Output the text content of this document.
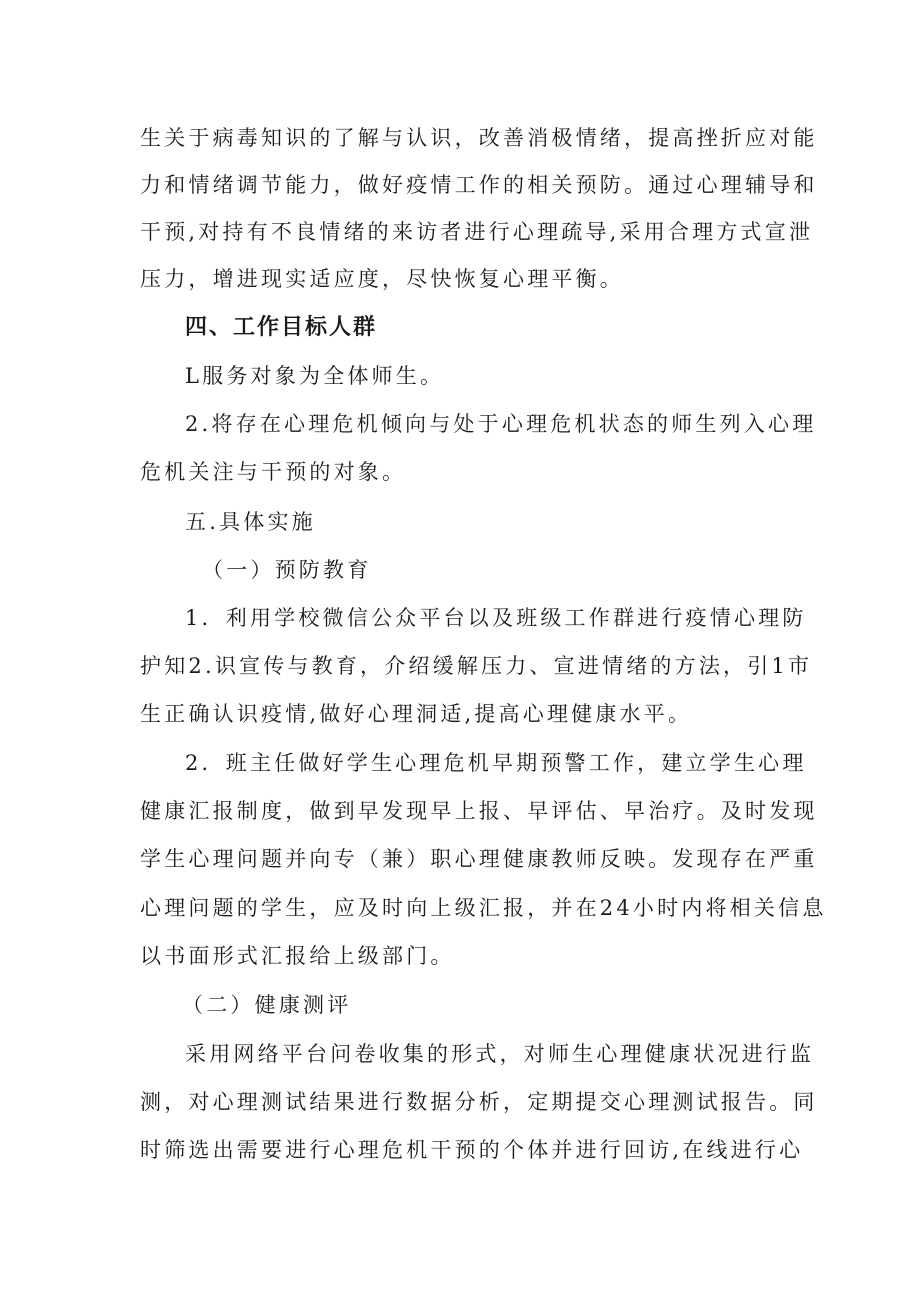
生关于病毒知识的了解与认识，改善消极情绪，提高挫折应对能
力和情绪调节能力，做好疫情工作的相关预防。通过心理辅导和
干预,对持有不良情绪的来访者进行心理疏导,采用合理方式宣泄
压力，增进现实适应度，尽快恢复心理平衡。
四、工作目标人群
L服务对象为全体师生。
2.将存在心理危机倾向与处于心理危机状态的师生列入心理
危机关注与干预的对象。
五.具体实施
（一）预防教育
1．利用学校微信公众平台以及班级工作群进行疫情心理防
护知2.识宣传与教育，介绍缓解压力、宣进情绪的方法，引1市
生正确认识疫情,做好心理洞适,提高心理健康水平。
2．班主任做好学生心理危机早期预警工作，建立学生心理
健康汇报制度，做到早发现早上报、早评估、早治疗。及时发现
学生心理问题并向专（兼）职心理健康教师反映。发现存在严重
心理问题的学生，应及时向上级汇报，并在24小时内将相关信息
以书面形式汇报给上级部门。
（二）健康测评
采用网络平台问卷收集的形式，对师生心理健康状况进行监
测，对心理测试结果进行数据分析，定期提交心理测试报告。同
时筛选出需要进行心理危机干预的个体并进行回访,在线进行心
